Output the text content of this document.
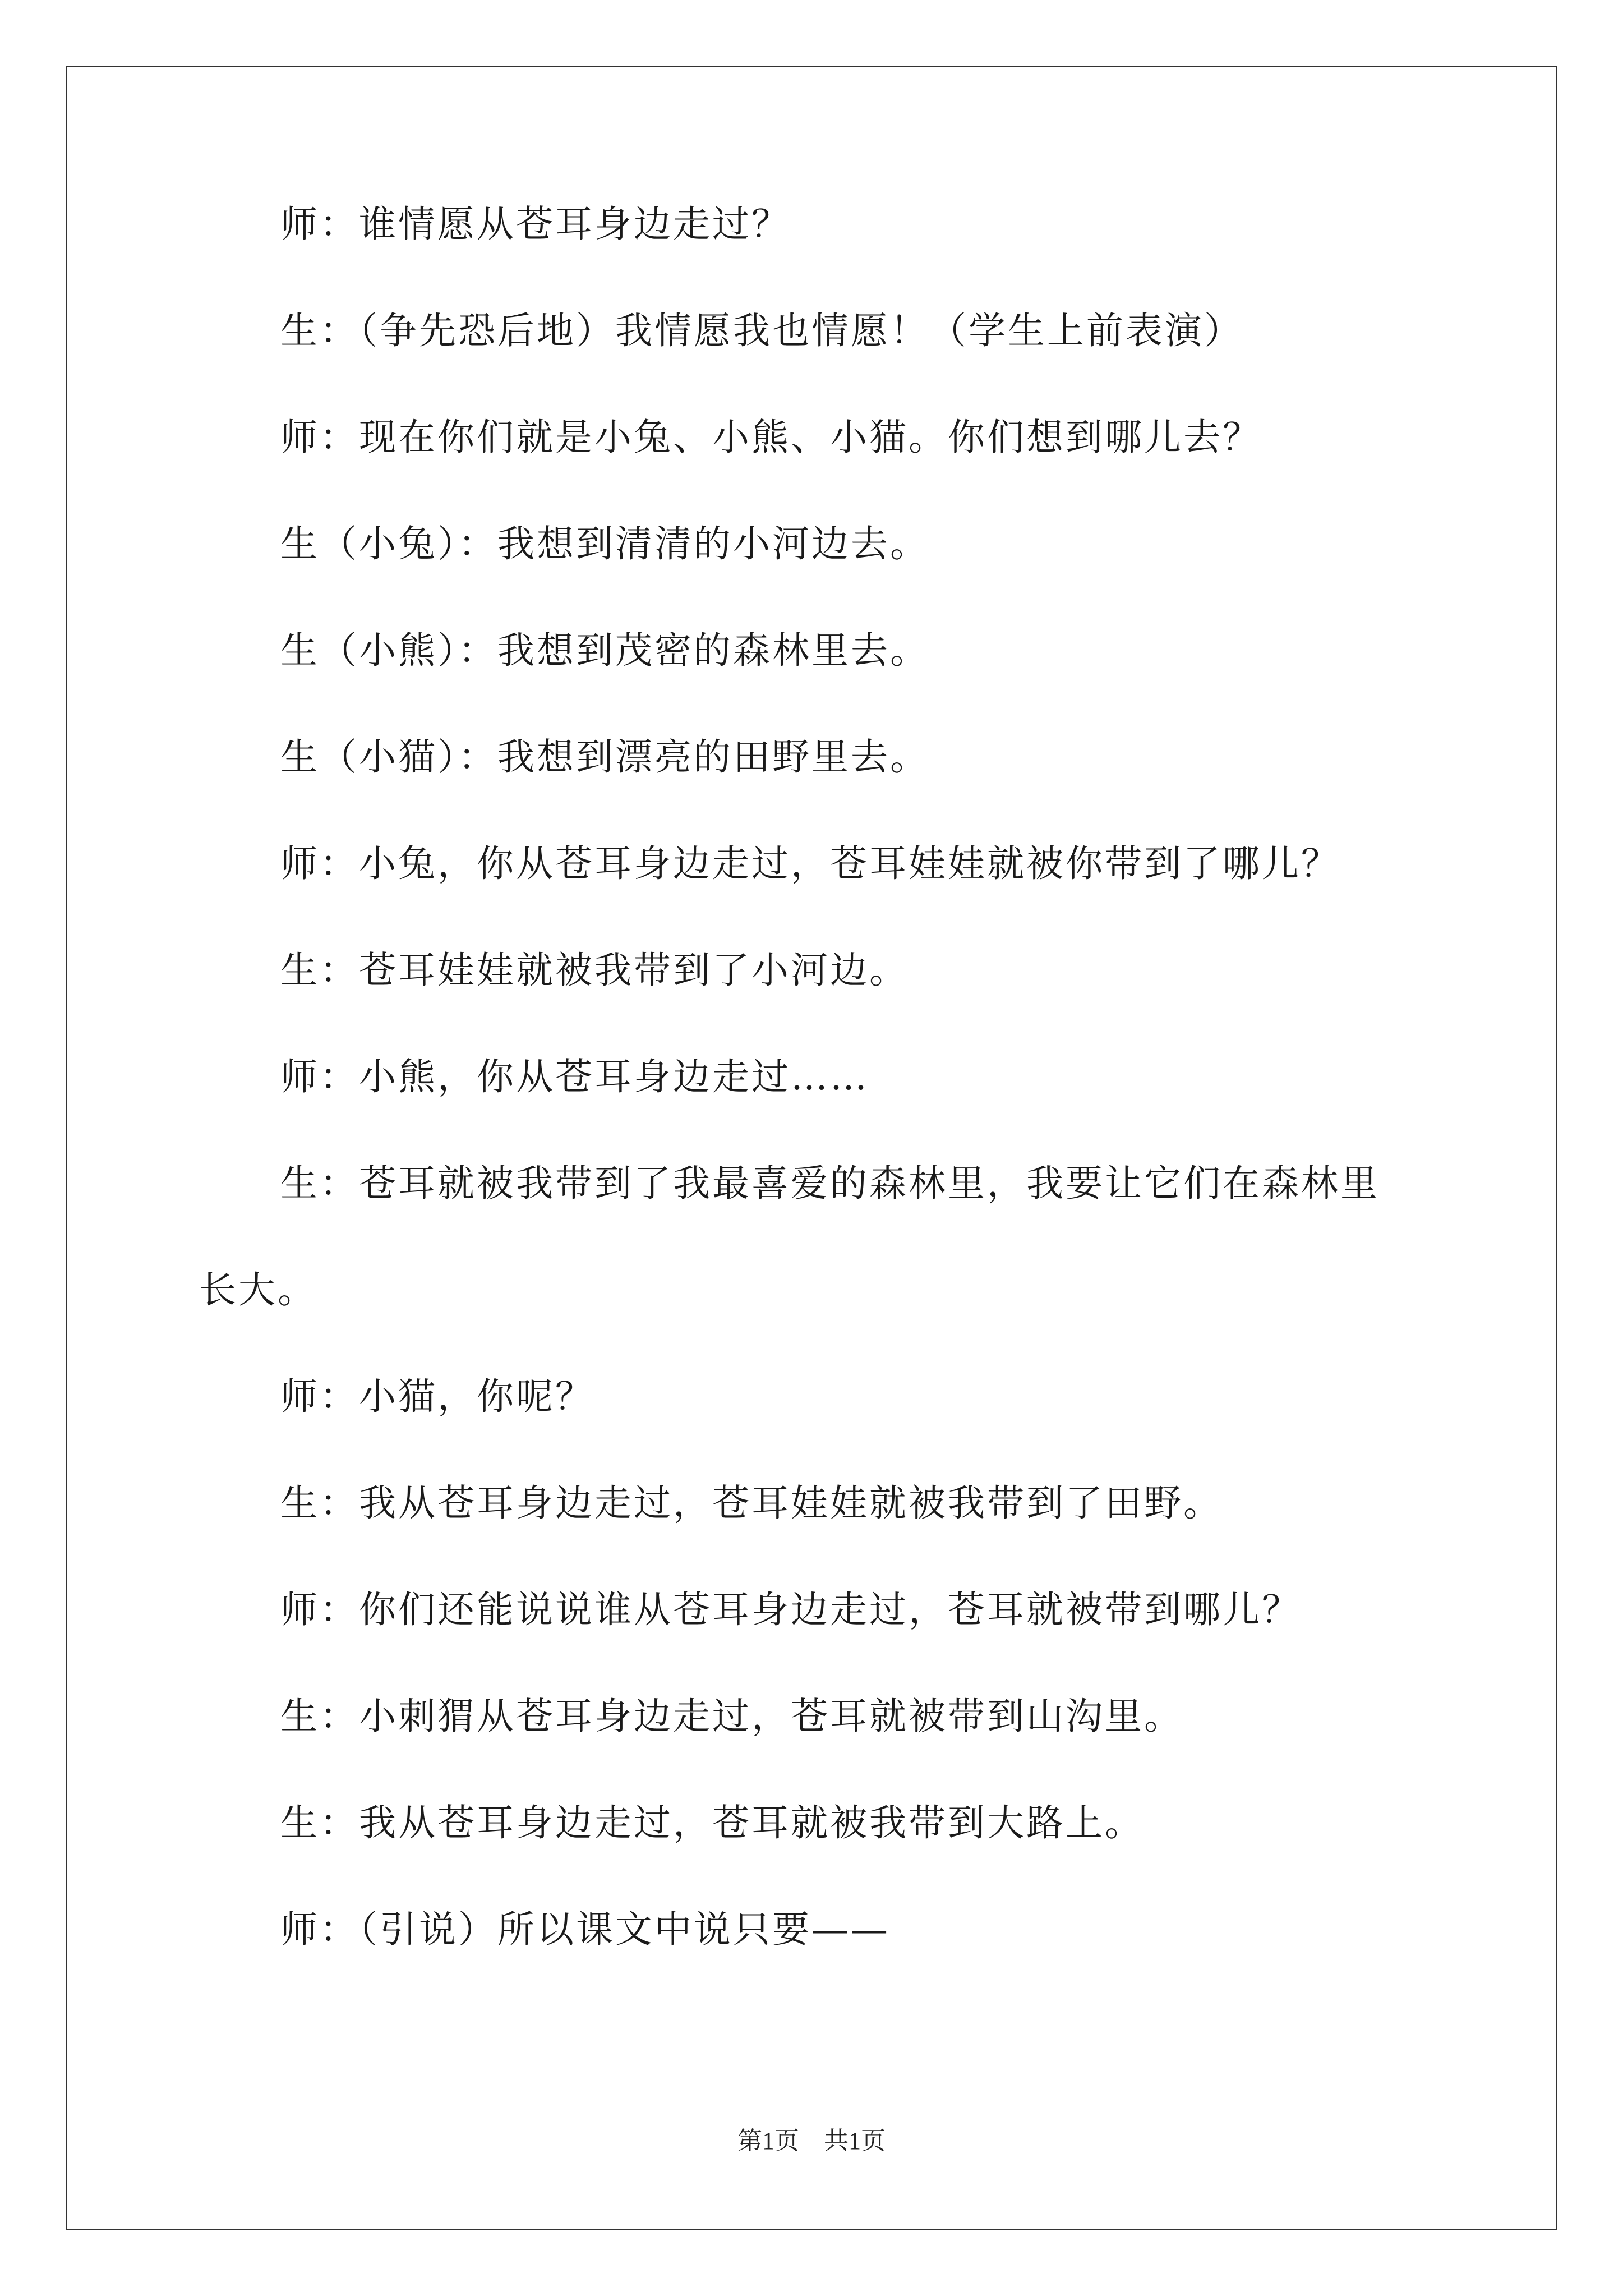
师：谁情愿从苍耳身边走过？
生：（争先恐后地）我情愿我也情愿！（学生上前表演）
师：现在你们就是小兔、小熊、小猫。你们想到哪儿去？
生（小兔）：我想到清清的小河边去。
生（小熊）：我想到茂密的森林里去。
生（小猫）：我想到漂亮的田野里去。
师：小兔，你从苍耳身边走过，苍耳娃娃就被你带到了哪儿？
生：苍耳娃娃就被我带到了小河边。
师：小熊，你从苍耳身边走过……
生：苍耳就被我带到了我最喜爱的森林里，我要让它们在森林里
长大。
师：小猫，你呢？
生：我从苍耳身边走过，苍耳娃娃就被我带到了田野。
师：你们还能说说谁从苍耳身边走过，苍耳就被带到哪儿？
生：小刺猬从苍耳身边走过，苍耳就被带到山沟里。
生：我从苍耳身边走过，苍耳就被我带到大路上。
师：（引说）所以课文中说只要——
第1页　共1页
